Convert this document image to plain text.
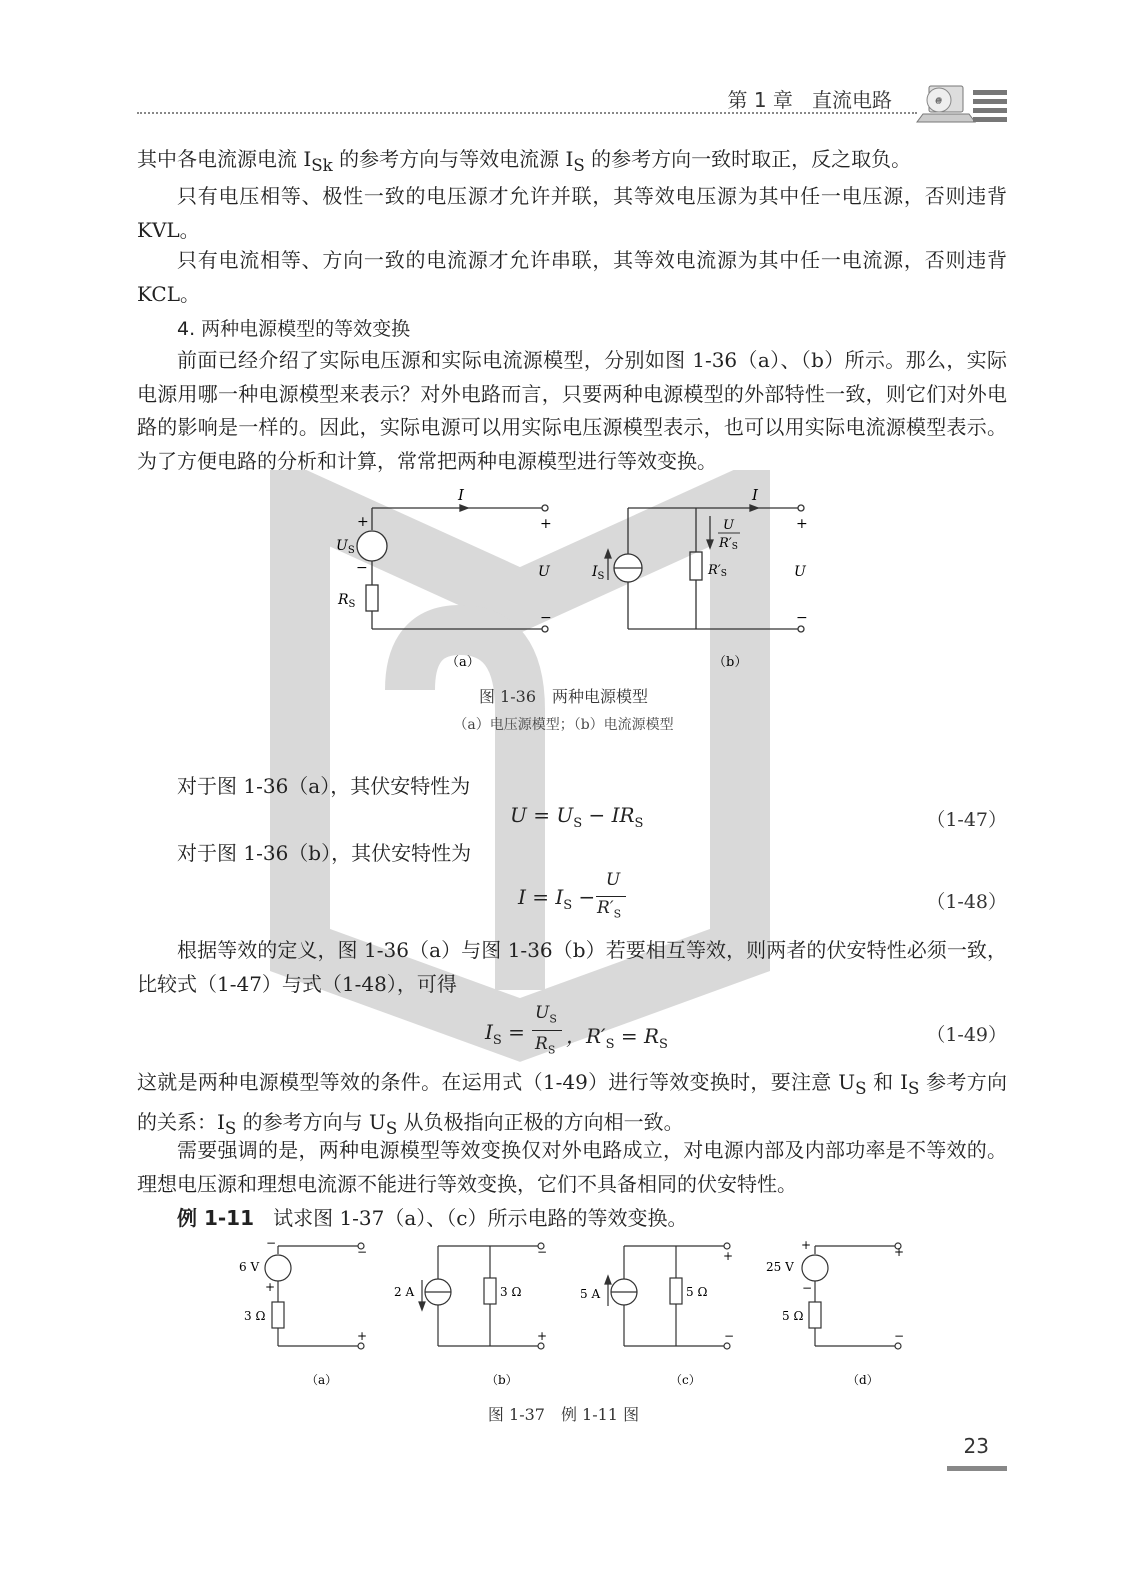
第 1 章 直流电路	e

其中各电流源电流 $I_{Sk}$ 的参考方向与等效电流源 $I_S$ 的参考方向一致时取正，反之取负。

只有电压相等、极性一致的电压源才允许并联，其等效电压源为其中任一电压源，否则违背 KVL。

只有电流相等、方向一致的电流源才允许串联，其等效电流源为其中任一电流源，否则违背 KCL。

4. 两种电源模型的等效变换

前面已经介绍了实际电压源和实际电流源模型，分别如图 1-36（a）、（b）所示。那么，实际电源用哪一种电源模型来表示？对外电路而言，只要两种电源模型的外部特性一致，则它们对外电路的影响是一样的。因此，实际电源可以用实际电压源模型表示，也可以用实际电流源模型表示。为了方便电路的分析和计算，常常把两种电源模型进行等效变换。

I
+
−
$U_S$
$R_S$
+
U
−
I
$I_S$
U
R′S
R′S
+
U
−
（a）	（b）
图 1-36　两种电源模型
（a）电压源模型；（b）电流源模型

对于图 1-36（a），其伏安特性为

$U = U_S - IR_S$	（1-47）

对于图 1-36（b），其伏安特性为

$I = I_S$ −
U
$R'_S$
（1-48）

根据等效的定义，图 1-36（a）与图 1-36（b）若要相互等效，则两者的伏安特性必须一致，比较式（1-47）与式（1-48），可得

$I_S$ =
$U_S$
$R_S$
，$R'_S = R_S$	（1-49）

这就是两种电源模型等效的条件。在运用式（1-49）进行等效变换时，要注意 $U_S$ 和 $I_S$ 参考方向的关系：$I_S$ 的参考方向与 $U_S$ 从负极指向正极的方向相一致。

需要强调的是，两种电源模型等效变换仅对外电路成立，对电源内部及内部功率是不等效的。理想电压源和理想电流源不能进行等效变换，它们不具备相同的伏安特性。

例 1-11 试求图 1-37（a）、（c）所示电路的等效变换。

−
+
6 V
3 Ω
−
+
（a）
2 A	3 Ω
−
+
（b）
5 A	5 Ω
+
−
（c）
+
−
25 V
5 Ω
+
−
（d）
图 1-37　例 1-11 图
23
